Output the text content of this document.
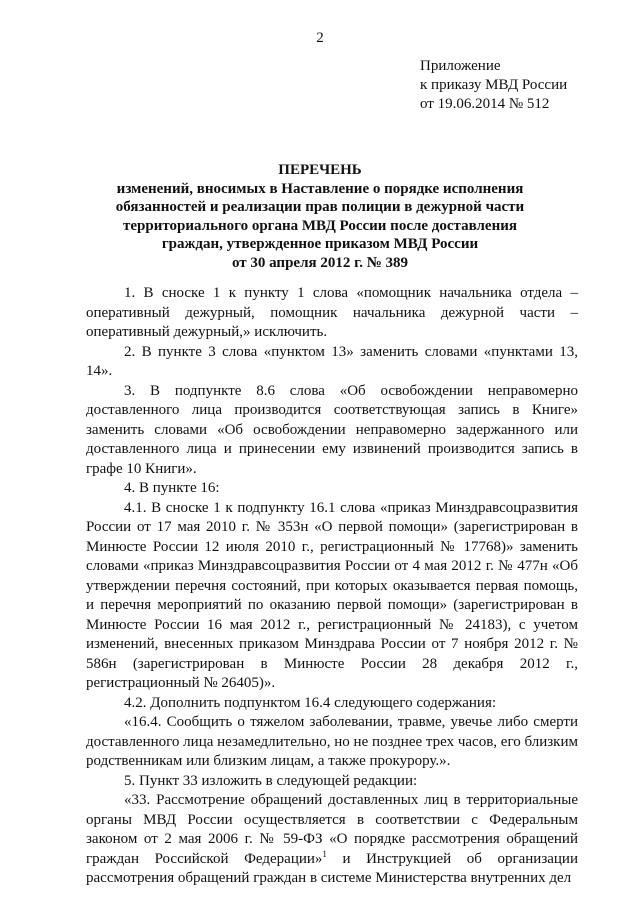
2
Приложение
к приказу МВД России
от 19.06.2014 № 512
ПЕРЕЧЕНЬ
изменений, вносимых в Наставление о порядке исполнения
обязанностей и реализации прав полиции в дежурной части
территориального органа МВД России после доставления
граждан, утвержденное приказом МВД России
от 30 апреля 2012 г. № 389

1. В сноске 1 к пункту 1 слова «помощник начальника отдела – оперативный дежурный, помощник начальника дежурной части – оперативный дежурный,» исключить.

2. В пункте 3 слова «пунктом 13» заменить словами «пунктами 13, 14».

3. В подпункте 8.6 слова «Об освобождении неправомерно доставленного лица производится соответствующая запись в Книге» заменить словами «Об освобождении неправомерно задержанного или доставленного лица и принесении ему извинений производится запись в графе 10 Книги».

4. В пункте 16:

4.1. В сноске 1 к подпункту 16.1 слова «приказ Минздравсоцразвития России от 17 мая 2010 г. № 353н «О первой помощи» (зарегистрирован в Минюсте России 12 июля 2010 г., регистрационный № 17768)» заменить словами «приказ Минздравсоцразвития России от 4 мая 2012 г. № 477н «Об утверждении перечня состояний, при которых оказывается первая помощь, и перечня мероприятий по оказанию первой помощи» (зарегистрирован в Минюсте России 16 мая 2012 г., регистрационный № 24183), с учетом изменений, внесенных приказом Минздрава России от 7 ноября 2012 г. № 586н (зарегистрирован в Минюсте России 28 декабря 2012 г., регистрационный № 26405)».

4.2. Дополнить подпунктом 16.4 следующего содержания:

«16.4. Сообщить о тяжелом заболевании, травме, увечье либо смерти доставленного лица незамедлительно, но не позднее трех часов, его близким родственникам или близким лицам, а также прокурору.».

5. Пункт 33 изложить в следующей редакции:

«33. Рассмотрение обращений доставленных лиц в территориальные органы МВД России осуществляется в соответствии с Федеральным законом от 2 мая 2006 г. № 59-ФЗ «О порядке рассмотрения обращений граждан Российской Федерации»$^1$ и Инструкцией об организации рассмотрения обращений граждан в системе Министерства внутренних дел
